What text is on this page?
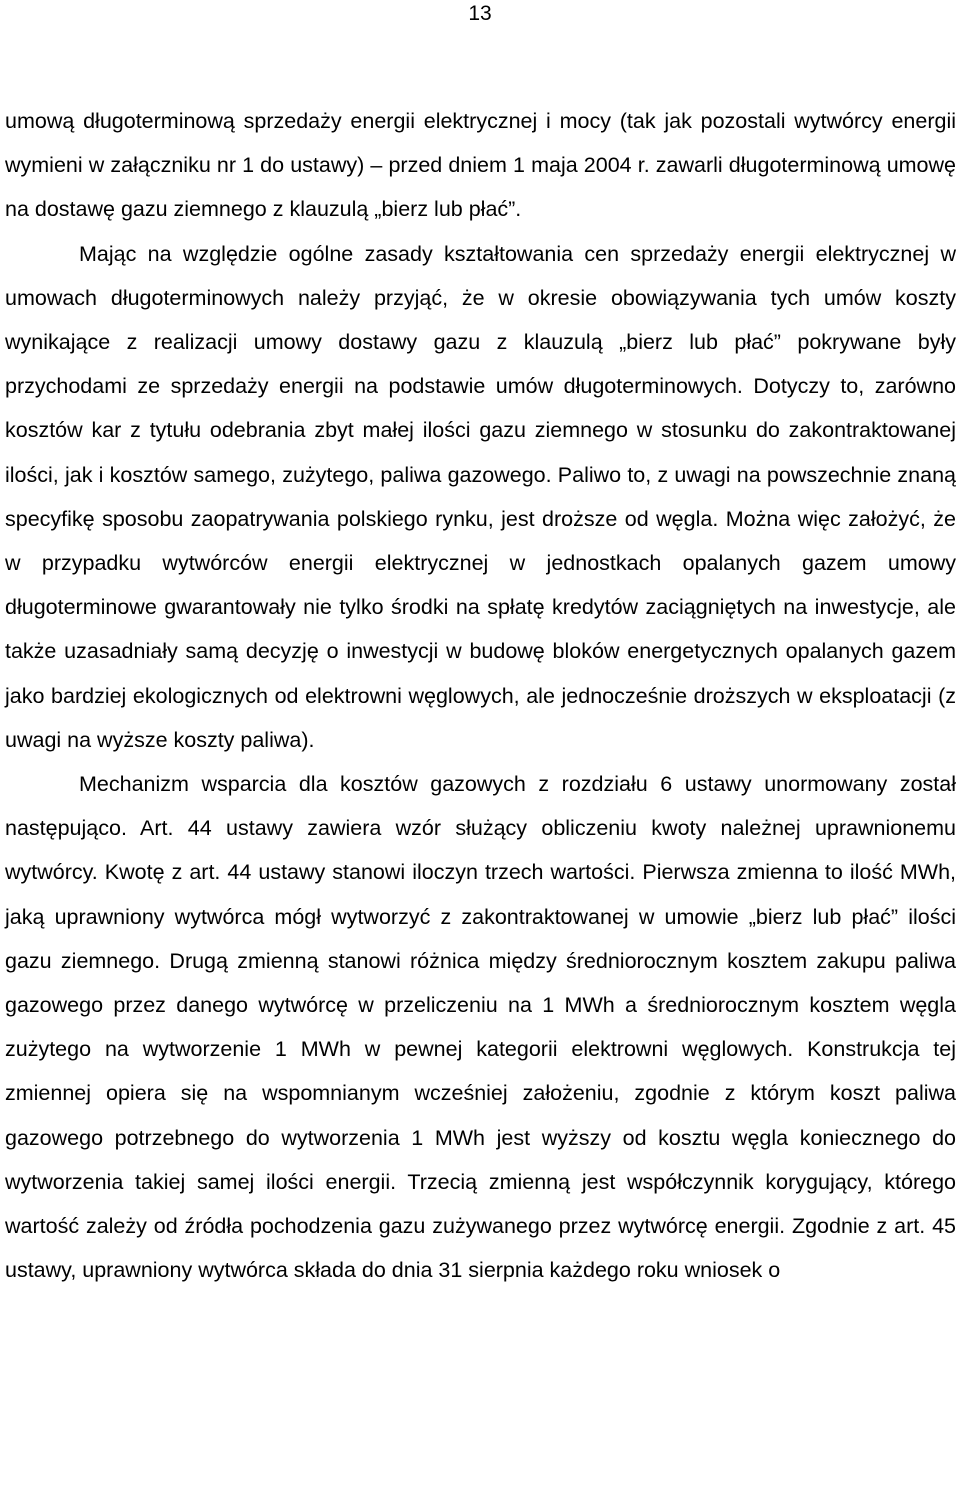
13

umową długoterminową sprzedaży energii elektrycznej i mocy (tak jak pozostali wytwórcy energii wymieni w załączniku nr 1 do ustawy) – przed dniem 1 maja 2004 r. zawarli długoterminową umowę na dostawę gazu ziemnego z klauzulą „bierz lub płać”.

Mając na względzie ogólne zasady kształtowania cen sprzedaży energii elektrycznej w umowach długoterminowych należy przyjąć, że w okresie obowiązywania tych umów koszty wynikające z realizacji umowy dostawy gazu z klauzulą „bierz lub płać” pokrywane były przychodami ze sprzedaży energii na podstawie umów długoterminowych. Dotyczy to, zarówno kosztów kar z tytułu odebrania zbyt małej ilości gazu ziemnego w stosunku do zakontraktowanej ilości, jak i kosztów samego, zużytego, paliwa gazowego. Paliwo to, z uwagi na powszechnie znaną specyfikę sposobu zaopatrywania polskiego rynku, jest droższe od węgla. Można więc założyć, że w przypadku wytwórców energii elektrycznej w jednostkach opalanych gazem umowy długoterminowe gwarantowały nie tylko środki na spłatę kredytów zaciągniętych na inwestycje, ale także uzasadniały samą decyzję o inwestycji w budowę bloków energetycznych opalanych gazem jako bardziej ekologicznych od elektrowni węglowych, ale jednocześnie droższych w eksploatacji (z uwagi na wyższe koszty paliwa).

Mechanizm wsparcia dla kosztów gazowych z rozdziału 6 ustawy unormowany został następująco. Art. 44 ustawy zawiera wzór służący obliczeniu kwoty należnej uprawnionemu wytwórcy. Kwotę z art. 44 ustawy stanowi iloczyn trzech wartości. Pierwsza zmienna to ilość MWh, jaką uprawniony wytwórca mógł wytworzyć z zakontraktowanej w umowie „bierz lub płać” ilości gazu ziemnego. Drugą zmienną stanowi różnica między średniorocznym kosztem zakupu paliwa gazowego przez danego wytwórcę w przeliczeniu na 1 MWh a średniorocznym kosztem węgla zużytego na wytworzenie 1 MWh w pewnej kategorii elektrowni węglowych. Konstrukcja tej zmiennej opiera się na wspomnianym wcześniej założeniu, zgodnie z którym koszt paliwa gazowego potrzebnego do wytworzenia 1 MWh jest wyższy od kosztu węgla koniecznego do wytworzenia takiej samej ilości energii. Trzecią zmienną jest współczynnik korygujący, którego wartość zależy od źródła pochodzenia gazu zużywanego przez wytwórcę energii. Zgodnie z art. 45 ustawy, uprawniony wytwórca składa do dnia 31 sierpnia każdego roku wniosek o
